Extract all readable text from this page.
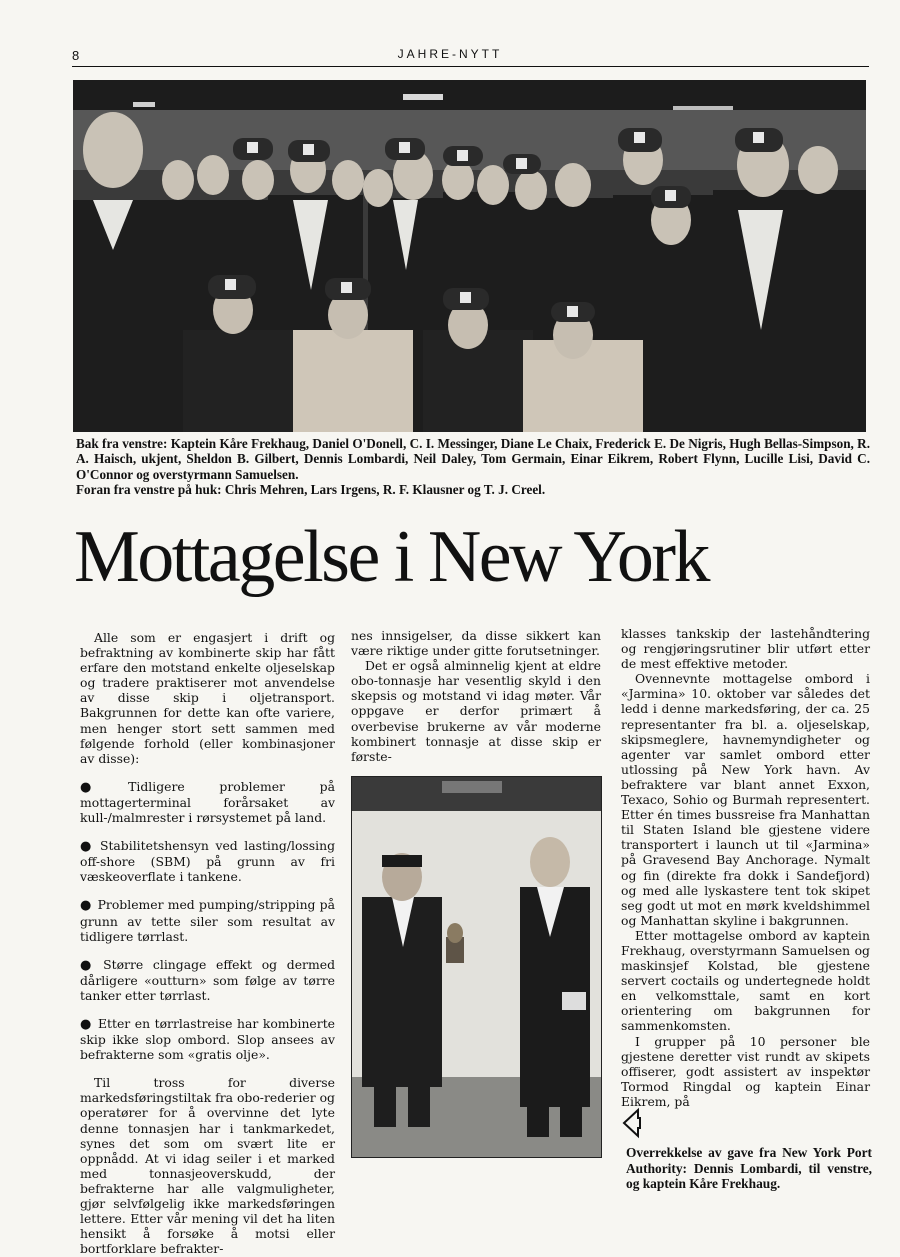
8	JAHRE-NYTT

Bak fra venstre: Kaptein Kåre Frekhaug, Daniel O'Donell, C. I. Messinger, Diane Le Chaix, Frederick E. De Nigris, Hugh Bellas-Simpson, R. A. Haisch, ukjent, Sheldon B. Gilbert, Dennis Lombardi, Neil Daley, Tom Germain, Einar Eikrem, Robert Flynn, Lucille Lisi, David C. O'Connor og overstyrmann Samuelsen.

Foran fra venstre på huk: Chris Mehren, Lars Irgens, R. F. Klausner og T. J. Creel.

Mottagelse i New York

Alle som er engasjert i drift og befraktning av kombinerte skip har fått erfare den motstand enkelte oljeselskap og tradere praktiserer mot anvendelse av disse skip i oljetransport. Bakgrunnen for dette kan ofte variere, men henger stort sett sammen med følgende forhold (eller kombinasjoner av disse):

● Tidligere problemer på mottagerterminal forårsaket av kull-/malmrester i rørsystemet på land.

● Stabilitetshensyn ved lasting/lossing off-shore (SBM) på grunn av fri væskeoverflate i tankene.

● Problemer med pumping/stripping på grunn av tette siler som resultat av tidligere tørrlast.

● Større clingage effekt og dermed dårligere «outturn» som følge av tørre tanker etter tørrlast.

● Etter en tørrlastreise har kombinerte skip ikke slop ombord. Slop ansees av befrakterne som «gratis olje».

Til tross for diverse markedsføringstiltak fra obo-rederier og operatører for å overvinne det lyte denne tonnasjen har i tankmarkedet, synes det som om svært lite er oppnådd. At vi idag seiler i et marked med tonnasjeoverskudd, der befrakterne har alle valgmuligheter, gjør selvfølgelig ikke markedsføringen lettere. Etter vår mening vil det ha liten hensikt å forsøke å motsi eller bortforklare befrakter-

nes innsigelser, da disse sikkert kan være riktige under gitte forutsetninger.

Det er også alminnelig kjent at eldre obo-tonnasje har vesentlig skyld i den skepsis og motstand vi idag møter. Vår oppgave er derfor primært å overbevise brukerne av vår moderne kombinert tonnasje at disse skip er første-

klasses tankskip der lastehåndtering og rengjøringsrutiner blir utført etter de mest effektive metoder.

Ovennevnte mottagelse ombord i «Jarmina» 10. oktober var således det ledd i denne markedsføring, der ca. 25 representanter fra bl. a. oljeselskap, skipsmeglere, havnemyndigheter og agenter var samlet ombord etter utlossing på New York havn. Av befraktere var blant annet Exxon, Texaco, Sohio og Burmah representert. Etter én times bussreise fra Manhattan til Staten Island ble gjestene videre transportert i launch ut til «Jarmina» på Gravesend Bay Anchorage. Nymalt og fin (direkte fra dokk i Sandefjord) og med alle lyskastere tent tok skipet seg godt ut mot en mørk kveldshimmel og Manhattan skyline i bakgrunnen.

Etter mottagelse ombord av kaptein Frekhaug, overstyrmann Samuelsen og maskinsjef Kolstad, ble gjestene servert coctails og undertegnede holdt en velkomsttale, samt en kort orientering om bakgrunnen for sammenkomsten.

I grupper på 10 personer ble gjestene deretter vist rundt av skipets offiserer, godt assistert av inspektør Tormod Ringdal og kaptein Einar Eikrem, på

Overrekkelse av gave fra New York Port Authority: Dennis Lombardi, til venstre, og kaptein Kåre Frekhaug.
